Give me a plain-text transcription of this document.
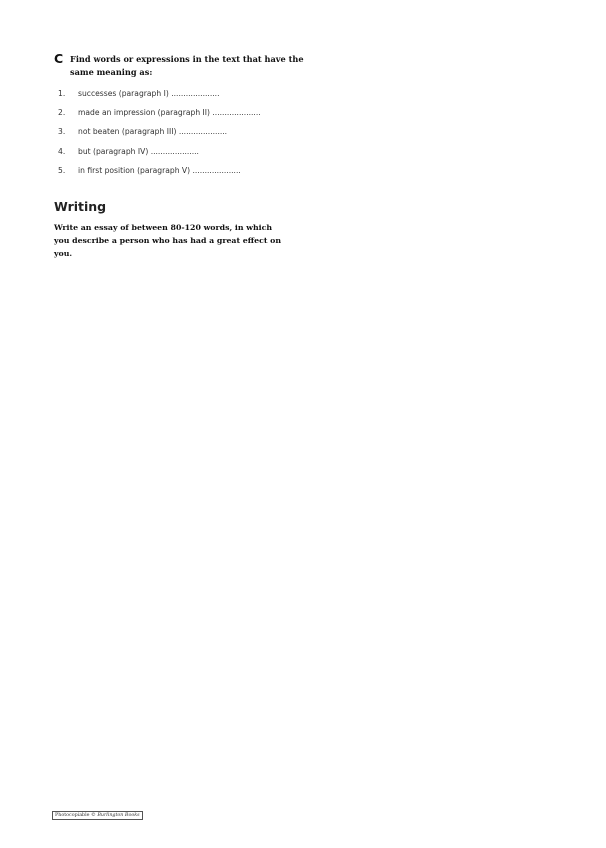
C Find words or expressions in the text that have the same meaning as:
1. successes (paragraph I) ....................
2. made an impression (paragraph II) ....................
3. not beaten (paragraph III) ....................
4. but (paragraph IV) ....................
5. in first position (paragraph V) ....................
Writing
Write an essay of between 80-120 words, in which you describe a person who has had a great effect on you.
Photocopiable © Burlington Books
